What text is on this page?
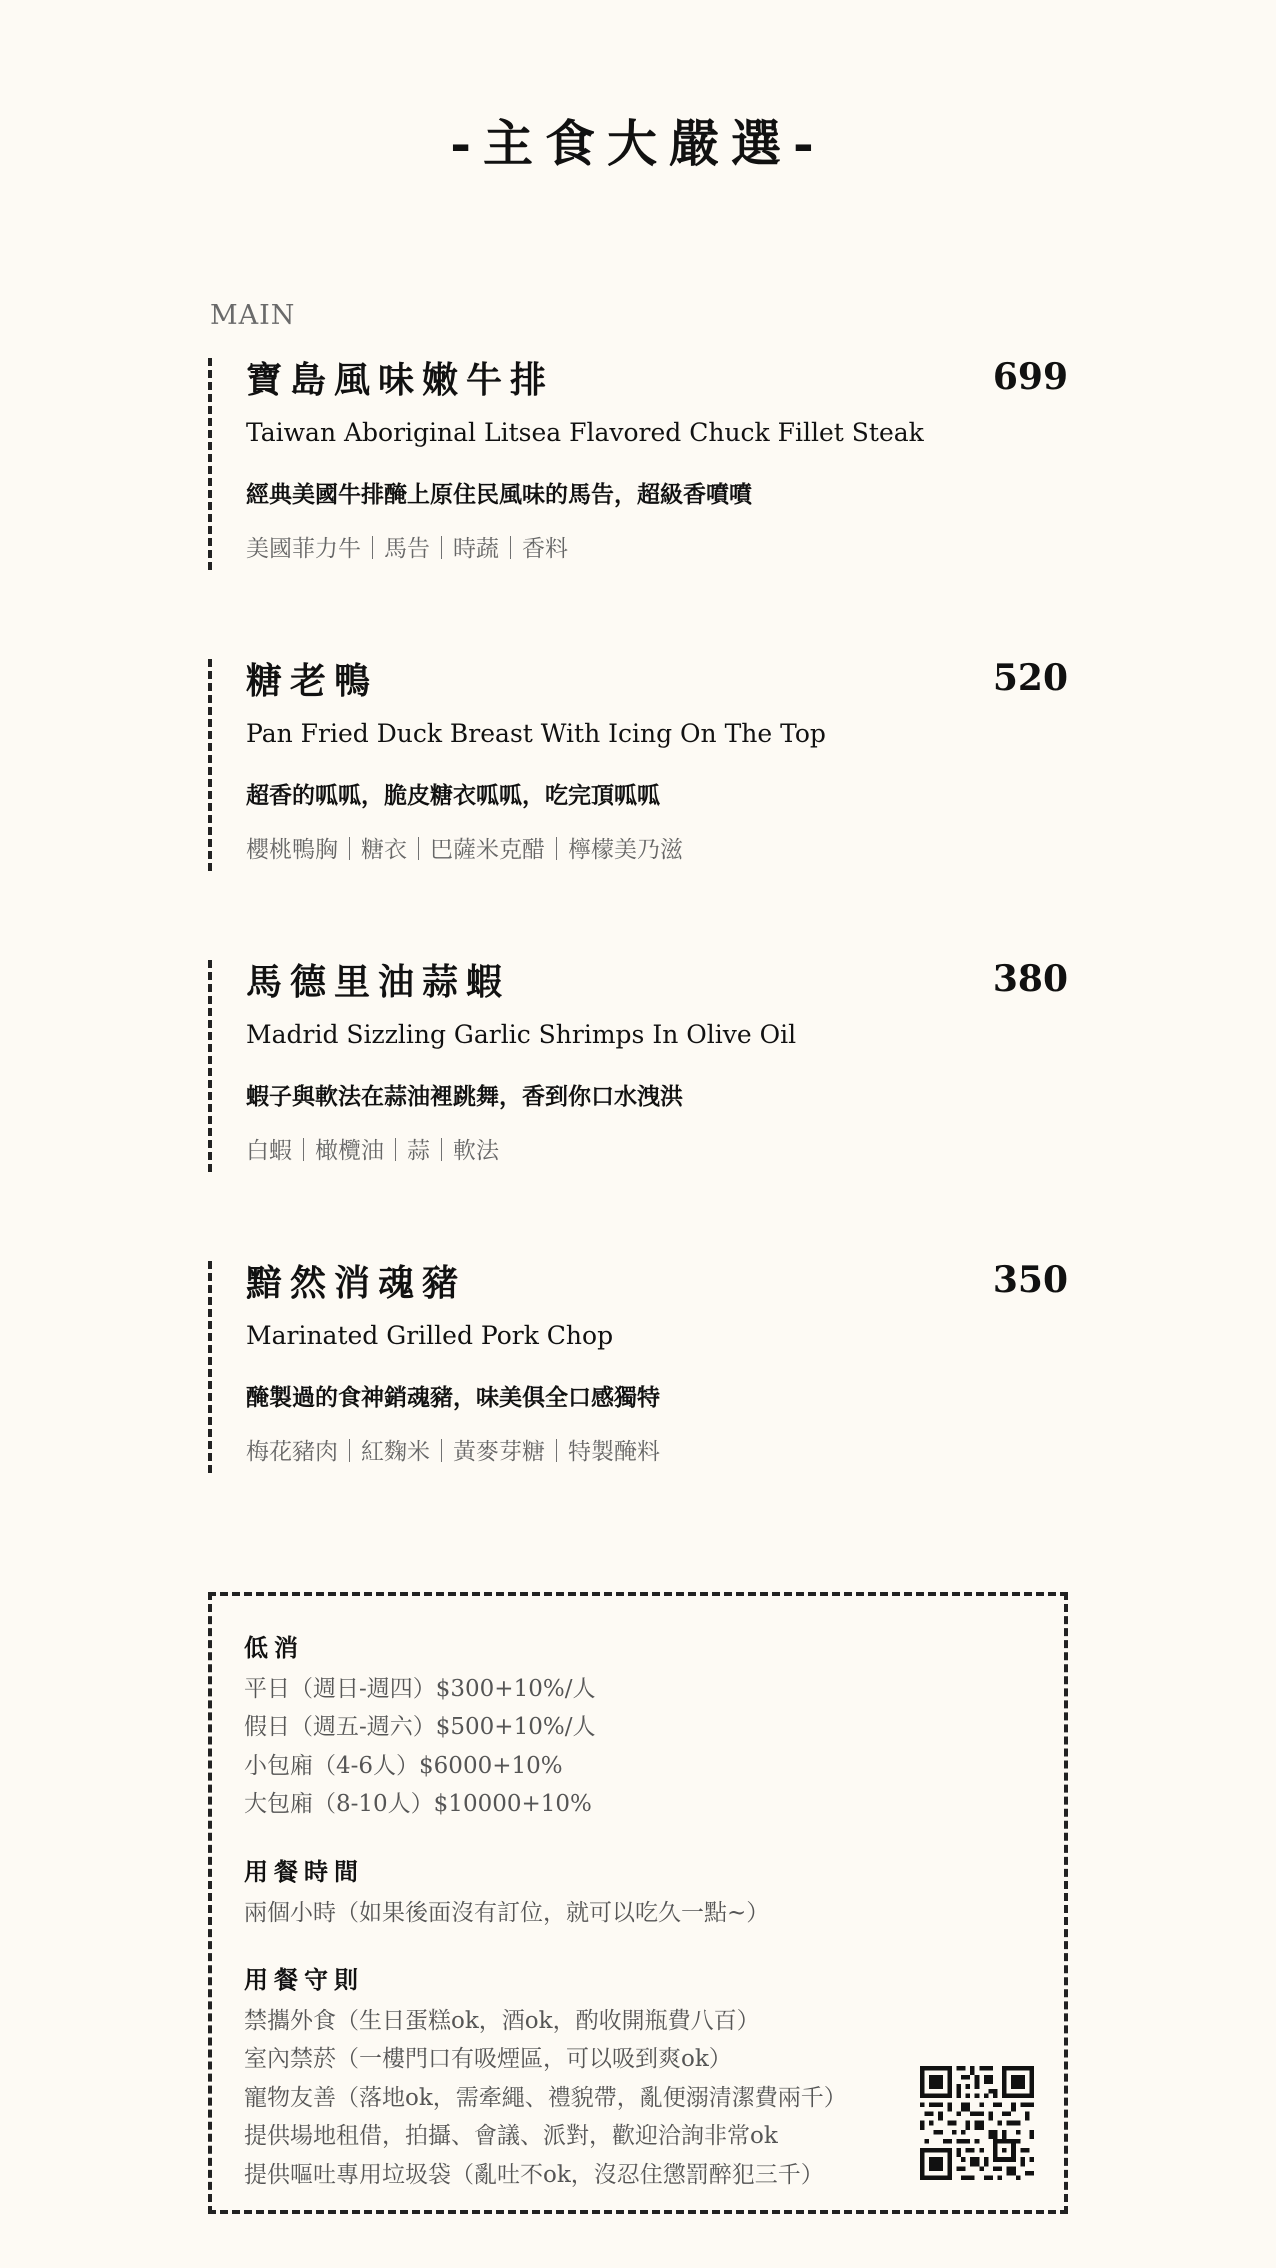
-主食大嚴選-
MAIN
寶島風味嫩牛排	699
Taiwan Aboriginal Litsea Flavored Chuck Fillet Steak
經典美國牛排醃上原住民風味的馬告，超級香噴噴
美國菲力牛｜馬告｜時蔬｜香料
糖老鴨	520
Pan Fried Duck Breast With Icing On The Top
超香的呱呱，脆皮糖衣呱呱，吃完頂呱呱
櫻桃鴨胸｜糖衣｜巴薩米克醋｜檸檬美乃滋
馬德里油蒜蝦	380
Madrid Sizzling Garlic Shrimps In Olive Oil
蝦子與軟法在蒜油裡跳舞，香到你口水洩洪
白蝦｜橄欖油｜蒜｜軟法
黯然消魂豬	350
Marinated Grilled Pork Chop
醃製過的食神銷魂豬，味美俱全口感獨特
梅花豬肉｜紅麴米｜黃麥芽糖｜特製醃料
低消
平日（週日-週四）$300+10%/人
假日（週五-週六）$500+10%/人
小包廂（4-6人）$6000+10%
大包廂（8-10人）$10000+10%
用餐時間
兩個小時（如果後面沒有訂位，就可以吃久一點~）
用餐守則
禁攜外食（生日蛋糕ok，酒ok，酌收開瓶費八百）
室內禁菸（一樓門口有吸煙區，可以吸到爽ok）
寵物友善（落地ok，需牽繩、禮貌帶，亂便溺清潔費兩千）
提供場地租借，拍攝、會議、派對，歡迎洽詢非常ok
提供嘔吐專用垃圾袋（亂吐不ok，沒忍住懲罰醉犯三千）
